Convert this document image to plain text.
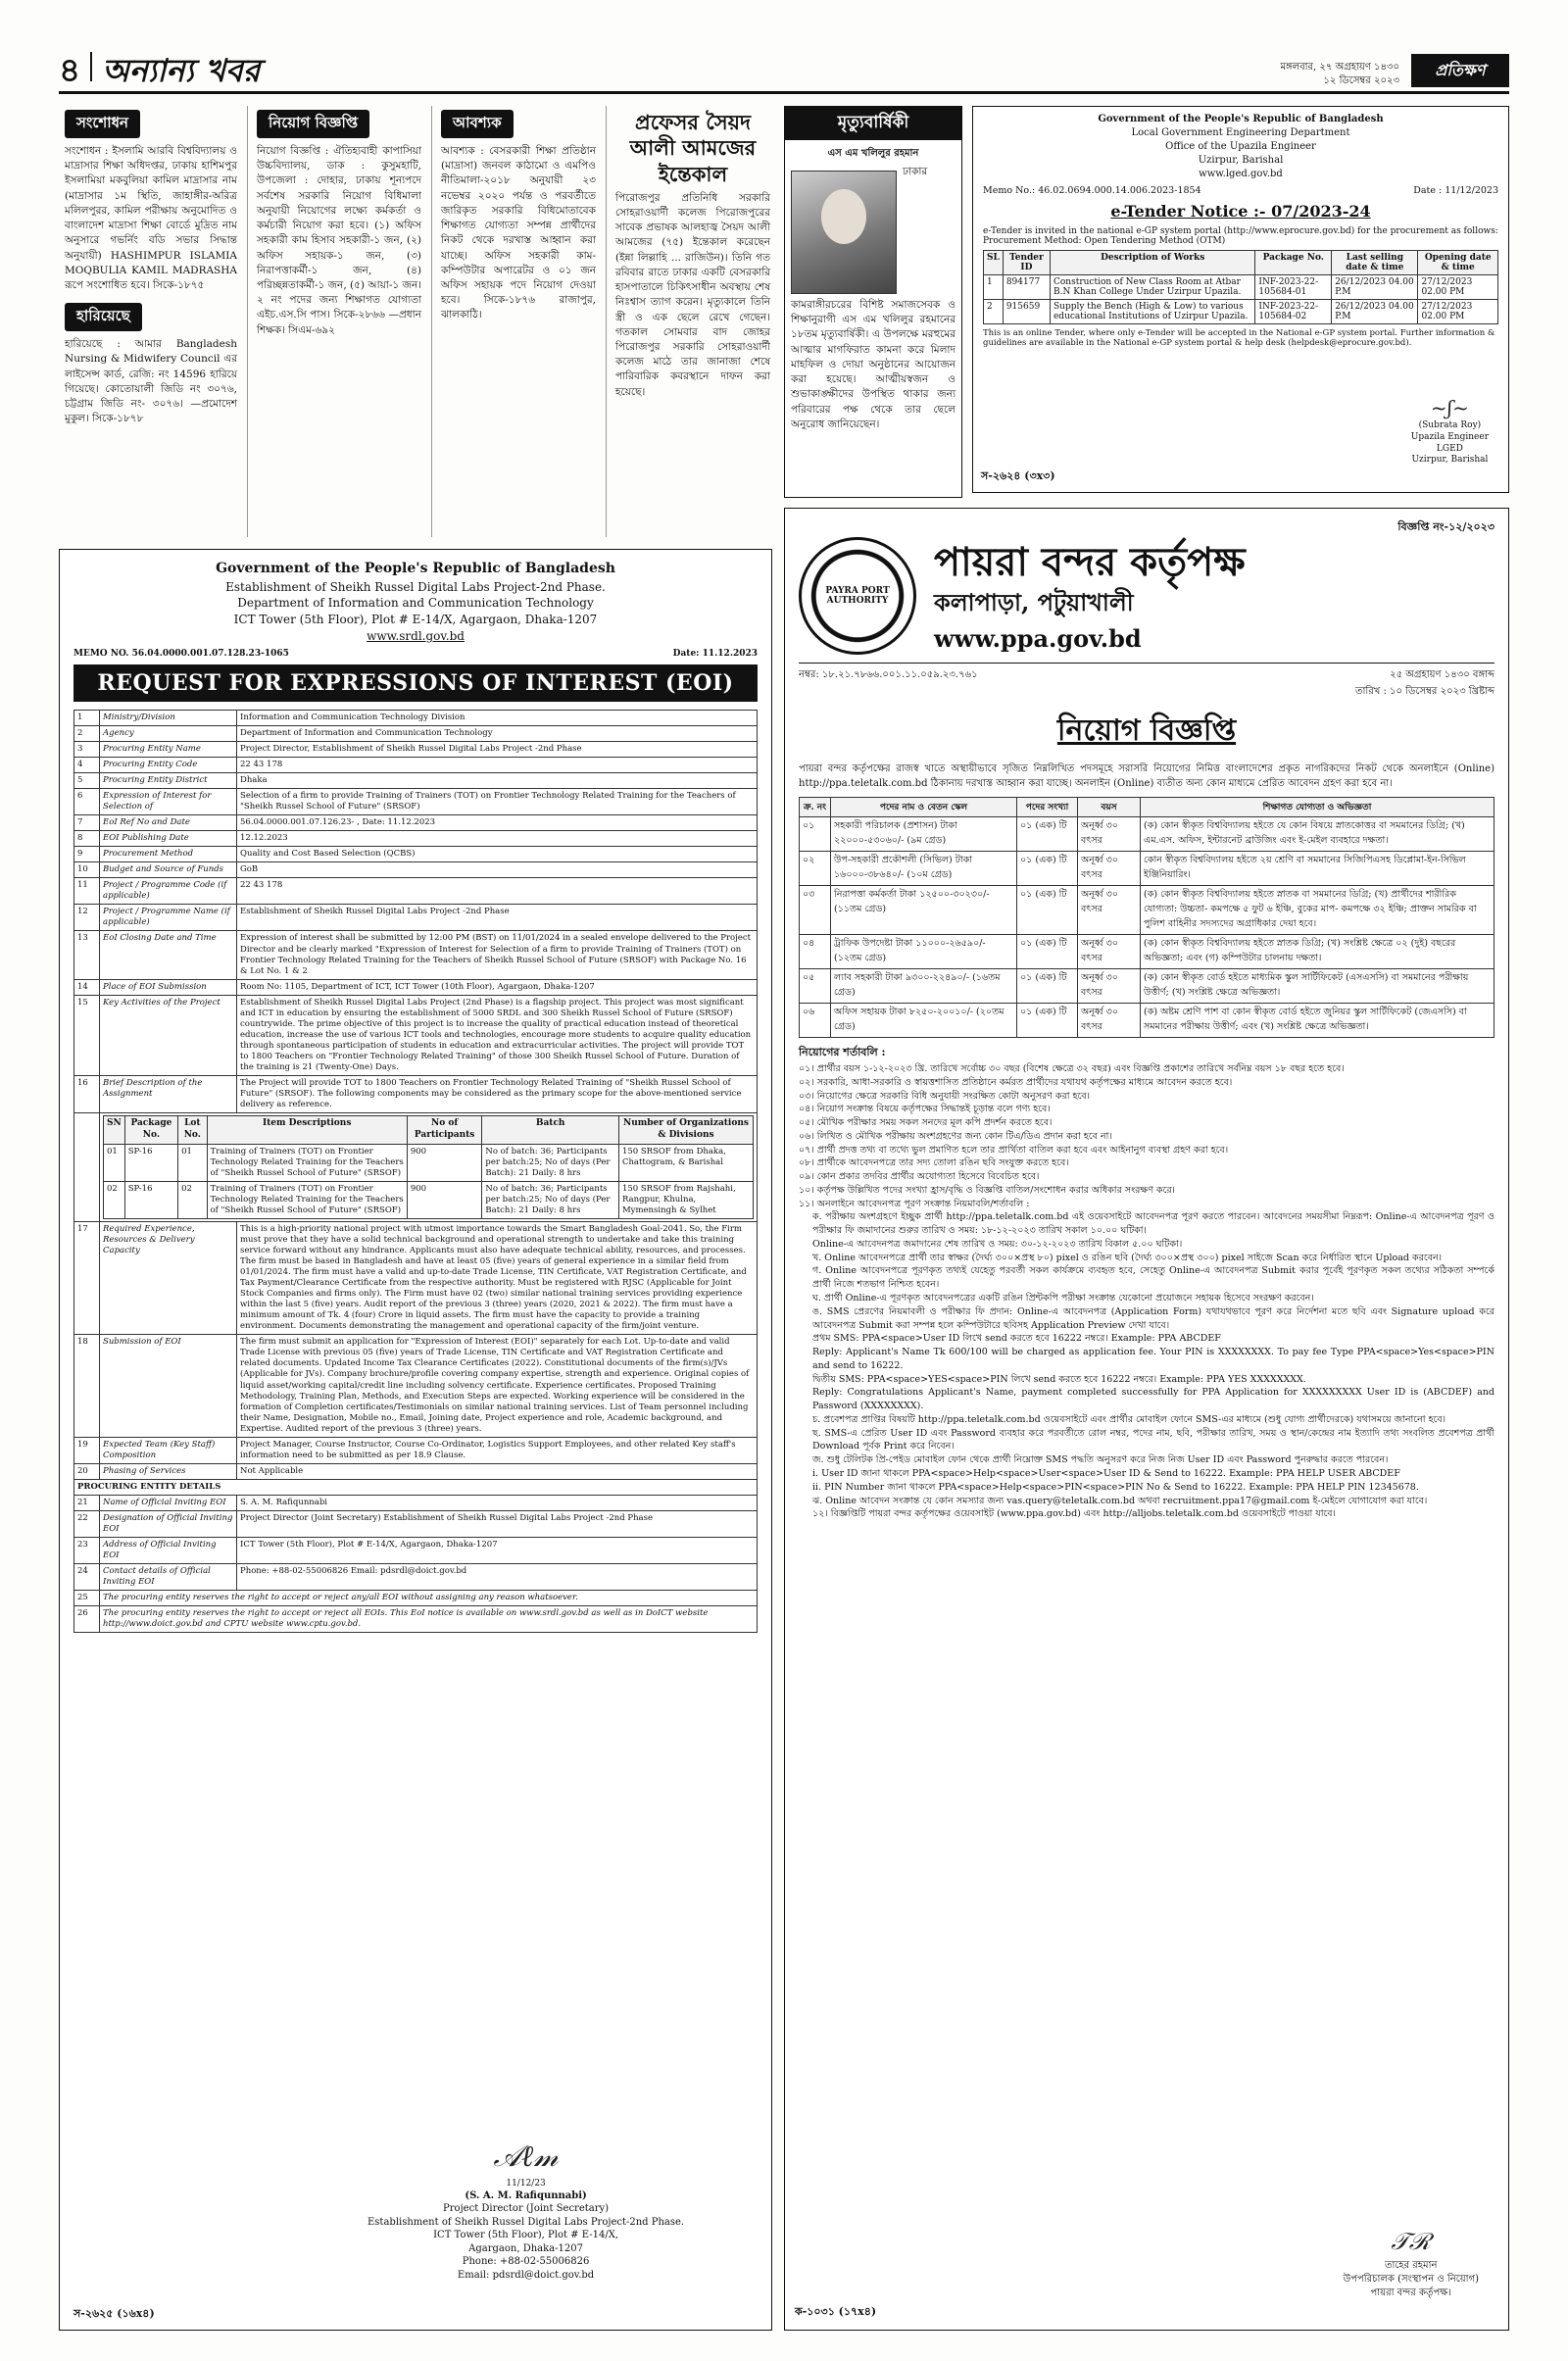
৪ অন্যান্য খবর	মঙ্গলবার, ২৭ অগ্রহায়ণ ১৪৩০
১২ ডিসেম্বর ২০২৩
প্রতিক্ষণ
সংশোধন
সংশোধন : ইসলামি আরবি বিশ্ববিদ্যালয় ও মাদ্রাসার শিক্ষা অধিদপ্তর, ঢাকায় হাশিমপুর ইসলামিয়া মকবুলিয়া কামিল মাদ্রাসার নাম (মাদ্রাসার ১ম স্থিতি, জাহাঙ্গীর-অরিত্র মলিলপুরর, কামিল পরীক্ষায় অনুমোদিত ও বাংলাদেশ মাদ্রাসা শিক্ষা বোর্ডে মুদ্রিত নাম অনুসারে গভর্নিং বডি সভার সিদ্ধান্ত অনুযায়ী) HASHIMPUR ISLAMIA MOQBULIA KAMIL MADRASHA রূপে সংশোধিত হবে। সিকে-১৮৭৫
হারিয়েছে
হারিয়েছে : আমার Bangladesh Nursing & Midwifery Council এর লাইসেন্স কার্ড, রেজি: নং 14596 হারিয়ে গিয়েছে। কোতোয়ালী জিডি নং ৩০৭৬, চট্টগ্রাম জিডি নং- ৩০৭৬। —প্রমোদেশ মুকুল। সিকে-১৮৭৮
নিয়োগ বিজ্ঞপ্তি
নিয়োগ বিজ্ঞপ্তি : ঐতিহ্যবাহী কাপাসিয়া উচ্চবিদ্যালয়, ডাক : কুসুমহাটি, উপজেলা : দোহার, ঢাকায় শূন্যপদে সর্বশেষ সরকারি নিয়োগ বিধিমালা অনুযায়ী নিয়োগের লক্ষ্যে কর্মকর্তা ও কর্মচারী নিয়োগ করা হবে। (১) অফিস সহকারী কাম হিসাব সহকারী-১ জন, (২) অফিস সহায়ক-১ জন, (৩) নিরাপত্তাকর্মী-১ জন, (৪) পরিচ্ছন্নতাকর্মী-১ জন, (৫) আয়া-১ জন। ২ নং পদের জন্য শিক্ষাগত যোগ্যতা এইচ.এস.সি পাস। সিকে-২৮৬৬ —প্রধান শিক্ষক। সিএম-৬৯২
আবশ্যক
আবশ্যক : বেসরকারী শিক্ষা প্রতিষ্ঠান (মাদ্রাসা) জনবল কাঠামো ও এমপিও নীতিমালা-২০১৮ অনুযায়ী ২৩ নভেম্বর ২০২০ পর্যন্ত ও পরবর্তীতে জারিকৃত সরকারি বিধিমোতাবেক শিক্ষাগত যোগ্যতা সম্পন্ন প্রার্থীদের নিকট থেকে দরখাস্ত আহ্বান করা যাচ্ছে। অফিস সহকারী কাম-কম্পিউটার অপারেটর ও ০১ জন অফিস সহায়ক পদে নিয়োগ দেওয়া হবে। সিকে-১৮৭৬ রাজাপুর, ঝালকাঠি।
প্রফেসর সৈয়দ আলী আমজের ইন্তেকাল
পিরোজপুর প্রতিনিধি সরকারি সোহরাওয়ার্দী কলেজ পিরোজপুরের সাবেক প্রভাষক আলহাজ্ব সৈয়দ আলী আমজের (৭৫) ইন্তেকাল করেছেন (ইন্না লিল্লাহি ... রাজিউন)। তিনি গত রবিবার রাতে ঢাকার একটি বেসরকারি হাসপাতালে চিকিৎসাধীন অবস্থায় শেষ নিঃশ্বাস ত্যাগ করেন। মৃত্যুকালে তিনি স্ত্রী ও এক ছেলে রেখে গেছেন। গতকাল সোমবার বাদ জোহর পিরোজপুর সরকারি সোহরাওয়ার্দী কলেজ মাঠে তার জানাজা শেষে পারিবারিক কবরস্থানে দাফন করা হয়েছে।
মৃত্যুবার্ষিকী
এস এম খলিলুর রহমান
ঢাকার কামরাঙ্গীরচরের বিশিষ্ট সমাজসেবক ও শিক্ষানুরাগী এস এম খলিলুর রহমানের ১৮তম মৃত্যুবার্ষিকী। এ উপলক্ষে মরহুমের আত্মার মাগফিরাত কামনা করে মিলাদ মাহফিল ও দোয়া অনুষ্ঠানের আয়োজন করা হয়েছে। আত্মীয়স্বজন ও শুভাকাঙ্ক্ষীদের উপস্থিত থাকার জন্য পরিবারের পক্ষ থেকে তার ছেলে অনুরোধ জানিয়েছেন।
Government of the People's Republic of Bangladesh
Local Government Engineering Department
Office of the Upazila Engineer
Uzirpur, Barishal
www.lged.gov.bd
Memo No.: 46.02.0694.000.14.006.2023-1854	Date : 11/12/2023
e-Tender Notice :- 07/2023-24
e-Tender is invited in the national e-GP system portal (http://www.eprocure.gov.bd) for the procurement as follows: Procurement Method: Open Tendering Method (OTM)
SL	Tender ID	Description of Works	Package No.	Last selling date & time	Opening date & time
1	894177	Construction of New Class Room at Atbar B.N Khan College Under Uzirpur Upazila.	INF-2023-22-105684-01	26/12/2023 04.00 P.M	27/12/2023 02.00 PM
2	915659	Supply the Bench (High & Low) to various educational Institutions of Uzirpur Upazila.	INF-2023-22-105684-02	26/12/2023 04.00 P.M	27/12/2023 02.00 PM
This is an online Tender, where only e-Tender will be accepted in the National e-GP system portal. Further information & guidelines are available in the National e-GP system portal & help desk (helpdesk@eprocure.gov.bd).
~ʃ~
(Subrata Roy)
Upazila Engineer
LGED
Uzirpur, Barishal
স-২৬২৪ (৩x৩)
Government of the People's Republic of Bangladesh
Establishment of Sheikh Russel Digital Labs Project-2nd Phase.
Department of Information and Communication Technology
ICT Tower (5th Floor), Plot # E-14/X, Agargaon, Dhaka-1207
www.srdl.gov.bd
MEMO NO. 56.04.0000.001.07.128.23-1065	Date: 11.12.2023
REQUEST FOR EXPRESSIONS OF INTEREST (EOI)
1	Ministry/Division	Information and Communication Technology Division
2	Agency	Department of Information and Communication Technology
3	Procuring Entity Name	Project Director, Establishment of Sheikh Russel Digital Labs Project -2nd Phase
4	Procuring Entity Code	22 43 178
5	Procuring Entity District	Dhaka
6	Expression of Interest for Selection of	Selection of a firm to provide Training of Trainers (TOT) on Frontier Technology Related Training for the Teachers of "Sheikh Russel School of Future" (SRSOF)
7	EoI Ref No and Date	56.04.0000.001.07.126.23- , Date: 11.12.2023
8	EOI Publishing Date	12.12.2023
9	Procurement Method	Quality and Cost Based Selection (QCBS)
10	Budget and Source of Funds	GoB
11	Project / Programme Code (if applicable)	22 43 178
12	Project / Programme Name (if applicable)	Establishment of Sheikh Russel Digital Labs Project -2nd Phase
13	EoI Closing Date and Time	Expression of interest shall be submitted by 12:00 PM (BST) on 11/01/2024 in a sealed envelope delivered to the Project Director and be clearly marked "Expression of Interest for Selection of a firm to provide Training of Trainers (TOT) on Frontier Technology Related Training for the Teachers of Sheikh Russel School of Future (SRSOF) with Package No. 16 & Lot No. 1 & 2
14	Place of EOI Submission	Room No: 1105, Department of ICT, ICT Tower (10th Floor), Agargaon, Dhaka-1207
15	Key Activities of the Project	Establishment of Sheikh Russel Digital Labs Project (2nd Phase) is a flagship project. This project was most significant and ICT in education by ensuring the establishment of 5000 SRDL and 300 Sheikh Russel School of Future (SRSOF) countrywide. The prime objective of this project is to increase the quality of practical education instead of theoretical education, increase the use of various ICT tools and technologies, encourage more students to acquire quality education through spontaneous participation of students in education and extracurricular activities. The project will provide TOT to 1800 Teachers on "Frontier Technology Related Training" of those 300 Sheikh Russel School of Future. Duration of the training is 21 (Twenty-One) Days.
16	Brief Description of the Assignment	The Project will provide TOT to 1800 Teachers on Frontier Technology Related Training of "Sheikh Russel School of Future" (SRSOF). The following components may be considered as the primary scope for the above-mentioned service delivery as reference.

SN	Package No.	Lot No.	Item Descriptions	No of Participants	Batch	Number of Organizations & Divisions
01	SP-16	01	Training of Trainers (TOT) on Frontier Technology Related Training for the Teachers of "Sheikh Russel School of Future" (SRSOF)	900	No of batch: 36; Participants per batch:25; No of days (Per Batch): 21 Daily: 8 hrs	150 SRSOF from Dhaka, Chattogram, & Barishal
02	SP-16	02	Training of Trainers (TOT) on Frontier Technology Related Training for the Teachers of "Sheikh Russel School of Future" (SRSOF)	900	No of batch: 36; Participants per batch:25; No of days (Per Batch): 21 Daily: 8 hrs	150 SRSOF from Rajshahi, Rangpur, Khulna, Mymensingh & Sylhet

17	Required Experience, Resources & Delivery Capacity	This is a high-priority national project with utmost importance towards the Smart Bangladesh Goal-2041. So, the Firm must prove that they have a solid technical background and operational strength to undertake and take this training service forward without any hindrance. Applicants must also have adequate technical ability, resources, and processes. The firm must be based in Bangladesh and have at least 05 (five) years of general experience in a similar field from 01/01/2024. The firm must have a valid and up-to-date Trade License, TIN Certificate, VAT Registration Certificate, and Tax Payment/Clearance Certificate from the respective authority. Must be registered with RJSC (Applicable for Joint Stock Companies and firms only). The Firm must have 02 (two) similar national training services providing experience within the last 5 (five) years. Audit report of the previous 3 (three) years (2020, 2021 & 2022). The firm must have a minimum amount of Tk. 4 (four) Crore in liquid assets. The firm must have the capacity to provide a training environment. Documents demonstrating the management and operational capacity of the firm/joint venture.
18	Submission of EOI	The firm must submit an application for "Expression of Interest (EOI)" separately for each Lot. Up-to-date and valid Trade License with previous 05 (five) years of Trade License, TIN Certificate and VAT Registration Certificate and related documents. Updated Income Tax Clearance Certificates (2022). Constitutional documents of the firm(s)/JVs (Applicable for JVs). Company brochure/profile covering company expertise, strength and experience. Original copies of liquid asset/working capital/credit line including solvency certificate. Experience certificates. Proposed Training Methodology, Training Plan, Methods, and Execution Steps are expected. Working experience will be considered in the formation of Completion certificates/Testimonials on similar national training services. List of Team personnel including their Name, Designation, Mobile no., Email, Joining date, Project experience and role, Academic background, and Expertise. Audited report of the previous 3 (three) years.
19	Expected Team (Key Staff) Composition	Project Manager, Course Instructor, Course Co-Ordinator, Logistics Support Employees, and other related Key staff's information need to be submitted as per 18.9 Clause.
20	Phasing of Services	Not Applicable
PROCURING ENTITY DETAILS
21	Name of Official Inviting EOI	S. A. M. Rafiqunnabi
22	Designation of Official Inviting EOI	Project Director (Joint Secretary) Establishment of Sheikh Russel Digital Labs Project -2nd Phase
23	Address of Official Inviting EOI	ICT Tower (5th Floor), Plot # E-14/X, Agargaon, Dhaka-1207
24	Contact details of Official Inviting EOI	Phone: +88-02-55006826 Email: pdsrdl@doict.gov.bd
25	The procuring entity reserves the right to accept or reject any/all EOI without assigning any reason whatsoever.
26	The procuring entity reserves the right to accept or reject all EOIs. This EoI notice is available on www.srdl.gov.bd as well as in DoICT website http://www.doict.gov.bd and CPTU website www.cptu.gov.bd.
𝒜ℓ𝓂
11/12/23
(S. A. M. Rafiqunnabi)
Project Director (Joint Secretary)
Establishment of Sheikh Russel Digital Labs Project-2nd Phase.
ICT Tower (5th Floor), Plot # E-14/X,
Agargaon, Dhaka-1207
Phone: +88-02-55006826
Email: pdsrdl@doict.gov.bd
স-২৬২৫ (১৬x৪)
বিজ্ঞপ্তি নং-১২/২০২৩
PAYRA PORT AUTHORITY
পায়রা বন্দর কর্তৃপক্ষ
কলাপাড়া, পটুয়াখালী
www.ppa.gov.bd
নম্বর: ১৮.২১.৭৮৬৬.০০১.১১.০৫৯.২৩.৭৬১	২৫ অগ্রহায়ণ ১৪৩০ বঙ্গাব্দ
তারিখ : ১০ ডিসেম্বর ২০২৩ খ্রিষ্টাব্দ
নিয়োগ বিজ্ঞপ্তি
পায়রা বন্দর কর্তৃপক্ষের রাজস্ব খাতে অস্থায়ীভাবে সৃজিত নিম্নলিখিত পদসমূহে সরাসরি নিয়োগের নিমিত্ত বাংলাদেশের প্রকৃত নাগরিকদের নিকট থেকে অনলাইনে (Online) http://ppa.teletalk.com.bd ঠিকানায় দরখাস্ত আহ্বান করা যাচ্ছে। অনলাইন (Online) ব্যতীত অন্য কোন মাধ্যমে প্রেরিত আবেদন গ্রহণ করা হবে না।
ক্র. নং	পদের নাম ও বেতন স্কেল	পদের সংখ্যা	বয়স	শিক্ষাগত যোগ্যতা ও অভিজ্ঞতা
০১	সহকারী পরিচালক (প্রশাসন) টাকা ২২০০০-৫৩০৬০/- (৯ম গ্রেড)	০১ (এক) টি	অনূর্ধ্ব ৩০ বৎসর	(ক) কোন স্বীকৃত বিশ্ববিদ্যালয় হইতে যে কোন বিষয়ে স্নাতকোত্তর বা সমমানের ডিগ্রি; (খ) এম.এস. অফিস, ইন্টারনেট ব্রাউজিং এবং ই-মেইল ব্যবহারে দক্ষতা।
০২	উপ-সহকারী প্রকৌশলী (সিভিল) টাকা ১৬০০০-৩৮৬৪০/- (১০ম গ্রেড)	০১ (এক) টি	অনূর্ধ্ব ৩০ বৎসর	কোন স্বীকৃত বিশ্ববিদ্যালয় হইতে ২য় শ্রেণি বা সমমানের সিজিপিএসহ ডিপ্লোমা-ইন-সিভিল ইঞ্জিনিয়ারিং।
০৩	নিরাপত্তা কর্মকর্তা টাকা ১২৫০০-৩০২৩০/- (১১তম গ্রেড)	০১ (এক) টি	অনূর্ধ্ব ৩০ বৎসর	(ক) কোন স্বীকৃত বিশ্ববিদ্যালয় হইতে স্নাতক বা সমমানের ডিগ্রি; (খ) প্রার্থীদের শারীরিক যোগ্যতা: উচ্চতা- কমপক্ষে ৫ ফুট ৬ ইঞ্চি, বুকের মাপ- কমপক্ষে ৩২ ইঞ্চি; প্রাক্তন সামরিক বা পুলিশ বাহিনীর সদস্যদের অগ্রাধিকার দেয়া হবে।
০৪	ট্রাফিক উপদেষ্টা টাকা ১১০০০-২৬৫৯০/- (১২তম গ্রেড)	০১ (এক) টি	অনূর্ধ্ব ৩০ বৎসর	(ক) কোন স্বীকৃত বিশ্ববিদ্যালয় হইতে স্নাতক ডিগ্রি; (খ) সংশ্লিষ্ট ক্ষেত্রে ০২ (দুই) বছরের অভিজ্ঞতা; এবং (গ) কম্পিউটার চালনায় দক্ষতা।
০৫	ল্যাব সহকারী টাকা ৯৩০০-২২৪৯০/- (১৬তম গ্রেড)	০১ (এক) টি	অনূর্ধ্ব ৩০ বৎসর	(ক) কোন স্বীকৃত বোর্ড হইতে মাধ্যমিক স্কুল সার্টিফিকেট (এসএসসি) বা সমমানের পরীক্ষায় উত্তীর্ণ; (খ) সংশ্লিষ্ট ক্ষেত্রে অভিজ্ঞতা।
০৬	অফিস সহায়ক টাকা ৮২৫০-২০০১০/- (২০তম গ্রেড)	০১ (এক) টি	অনূর্ধ্ব ৩০ বৎসর	(ক) অষ্টম শ্রেণি পাশ বা কোন স্বীকৃত বোর্ড হইতে জুনিয়র স্কুল সার্টিফিকেট (জেএসসি) বা সমমানের পরীক্ষায় উত্তীর্ণ; এবং (খ) সংশ্লিষ্ট ক্ষেত্রে অভিজ্ঞতা।
নিয়োগের শর্তাবলি :
০১। প্রার্থীর বয়স ১-১২-২০২৩ খ্রি. তারিখে সর্বোচ্চ ৩০ বছর (বিশেষ ক্ষেত্রে ৩২ বছর) এবং বিজ্ঞপ্তি প্রকাশের তারিখে সর্বনিম্ন বয়স ১৮ বছর হতে হবে।
০২। সরকারি, আধা-সরকারি ও স্বায়ত্তশাসিত প্রতিষ্ঠানে কর্মরত প্রার্থীদের যথাযথ কর্তৃপক্ষের মাধ্যমে আবেদন করতে হবে।
০৩। নিয়োগের ক্ষেত্রে সরকারি বিধি অনুযায়ী সংরক্ষিত কোটা অনুসরণ করা হবে।
০৪। নিয়োগ সংক্রান্ত বিষয়ে কর্তৃপক্ষের সিদ্ধান্তই চূড়ান্ত বলে গণ্য হবে।
০৫। মৌখিক পরীক্ষার সময় সকল সনদের মূল কপি প্রদর্শন করতে হবে।
০৬। লিখিত ও মৌখিক পরীক্ষায় অংশগ্রহণের জন্য কোন টিএ/ডিএ প্রদান করা হবে না।
০৭। প্রার্থী প্রদত্ত তথ্য বা তথ্যে ভুল প্রমাণিত হলে তার প্রার্থিতা বাতিল করা হবে এবং আইনানুগ ব্যবস্থা গ্রহণ করা হবে।
০৮। প্রার্থীকে আবেদনপত্রে তার সদ্য তোলা রঙিন ছবি সংযুক্ত করতে হবে।
০৯। কোন প্রকার তদবির প্রার্থীর অযোগ্যতা হিসেবে বিবেচিত হবে।
১০। কর্তৃপক্ষ উল্লিখিত পদের সংখ্যা হ্রাস/বৃদ্ধি ও বিজ্ঞপ্তি বাতিল/সংশোধন করার অধিকার সংরক্ষণ করে।
১১। অনলাইনে আবেদনপত্র পূরণ সংক্রান্ত নিয়মাবলি/শর্তাবলি :
ক. পরীক্ষায় অংশগ্রহণে ইচ্ছুক প্রার্থী http://ppa.teletalk.com.bd এই ওয়েবসাইটে আবেদনপত্র পূরণ করতে পারবেন। আবেদনের সময়সীমা নিম্নরূপ: Online-এ আবেদনপত্র পূরণ ও পরীক্ষার ফি জমাদানের শুরুর তারিখ ও সময়: ১৮-১২-২০২৩ তারিখ সকাল ১০.০০ ঘটিকা।
Online-এ আবেদনপত্র জমাদানের শেষ তারিখ ও সময়: ৩০-১২-২০২৩ তারিখ বিকাল ৫.০০ ঘটিকা।
খ. Online আবেদনপত্রে প্রার্থী তার স্বাক্ষর (দৈর্ঘ্য ৩০০×প্রস্থ ৮০) pixel ও রঙিন ছবি (দৈর্ঘ্য ৩০০×প্রস্থ ৩০০) pixel সাইজে Scan করে নির্ধারিত স্থানে Upload করবেন।
গ. Online আবেদনপত্রে পূরণকৃত তথ্যই যেহেতু পরবর্তী সকল কার্যক্রমে ব্যবহৃত হবে, সেহেতু Online-এ আবেদনপত্র Submit করার পূর্বেই পূরণকৃত সকল তথ্যের সঠিকতা সম্পর্কে প্রার্থী নিজে শতভাগ নিশ্চিত হবেন।
ঘ. প্রার্থী Online-এ পূরণকৃত আবেদনপত্রের একটি রঙিন প্রিন্টকপি পরীক্ষা সংক্রান্ত যেকোনো প্রয়োজনে সহায়ক হিসেবে সংরক্ষণ করবেন।
ঙ. SMS প্রেরণের নিয়মাবলী ও পরীক্ষার ফি প্রদান: Online-এ আবেদনপত্র (Application Form) যথাযথভাবে পূরণ করে নির্দেশনা মতে ছবি এবং Signature upload করে আবেদনপত্র Submit করা সম্পন্ন হলে কম্পিউটারে ছবিসহ Application Preview দেখা যাবে।
প্রথম SMS: PPA<space>User ID লিখে send করতে হবে 16222 নম্বরে। Example: PPA ABCDEF
Reply: Applicant's Name Tk 600/100 will be charged as application fee. Your PIN is XXXXXXXX. To pay fee Type PPA<space>Yes<space>PIN and send to 16222.
দ্বিতীয় SMS: PPA<space>YES<space>PIN লিখে send করতে হবে 16222 নম্বরে। Example: PPA YES XXXXXXXX.
Reply: Congratulations Applicant's Name, payment completed successfully for PPA Application for XXXXXXXXX User ID is (ABCDEF) and Password (XXXXXXXX).
চ. প্রবেশপত্র প্রাপ্তির বিষয়টি http://ppa.teletalk.com.bd ওয়েবসাইটে এবং প্রার্থীর মোবাইল ফোনে SMS-এর মাধ্যমে (শুধু যোগ্য প্রার্থীদেরকে) যথাসময়ে জানানো হবে।
ছ. SMS-এ প্রেরিত User ID এবং Password ব্যবহার করে পরবর্তীতে রোল নম্বর, পদের নাম, ছবি, পরীক্ষার তারিখ, সময় ও স্থান/কেন্দ্রের নাম ইত্যাদি তথ্য সংবলিত প্রবেশপত্র প্রার্থী Download পূর্বক Print করে নিবেন।
জ. শুধু টেলিটক প্রি-পেইড মোবাইল ফোন থেকে প্রার্থী নিম্নোক্ত SMS পদ্ধতি অনুসরণ করে নিজ নিজ User ID এবং Password পুনরুদ্ধার করতে পারবেন।
i. User ID জানা থাকলে PPA<space>Help<space>User<space>User ID & Send to 16222. Example: PPA HELP USER ABCDEF
ii. PIN Number জানা থাকলে PPA<space>Help<space>PIN<space>PIN No & Send to 16222. Example: PPA HELP PIN 12345678.
ঝ. Online আবেদন সংক্রান্ত যে কোন সমস্যার জন্য vas.query@teletalk.com.bd অথবা recruitment.ppa17@gmail.com ই-মেইলে যোগাযোগ করা যাবে।
১২। বিজ্ঞপ্তিটি পায়রা বন্দর কর্তৃপক্ষের ওয়েবসাইট (www.ppa.gov.bd) এবং http://alljobs.teletalk.com.bd ওয়েবসাইটে পাওয়া যাবে।
𝒯ℛ
তাহের রহমান
উপপরিচালক (সংস্থাপন ও নিয়োগ)
পায়রা বন্দর কর্তৃপক্ষ।
ক-১০৩১ (১৭x৪)
